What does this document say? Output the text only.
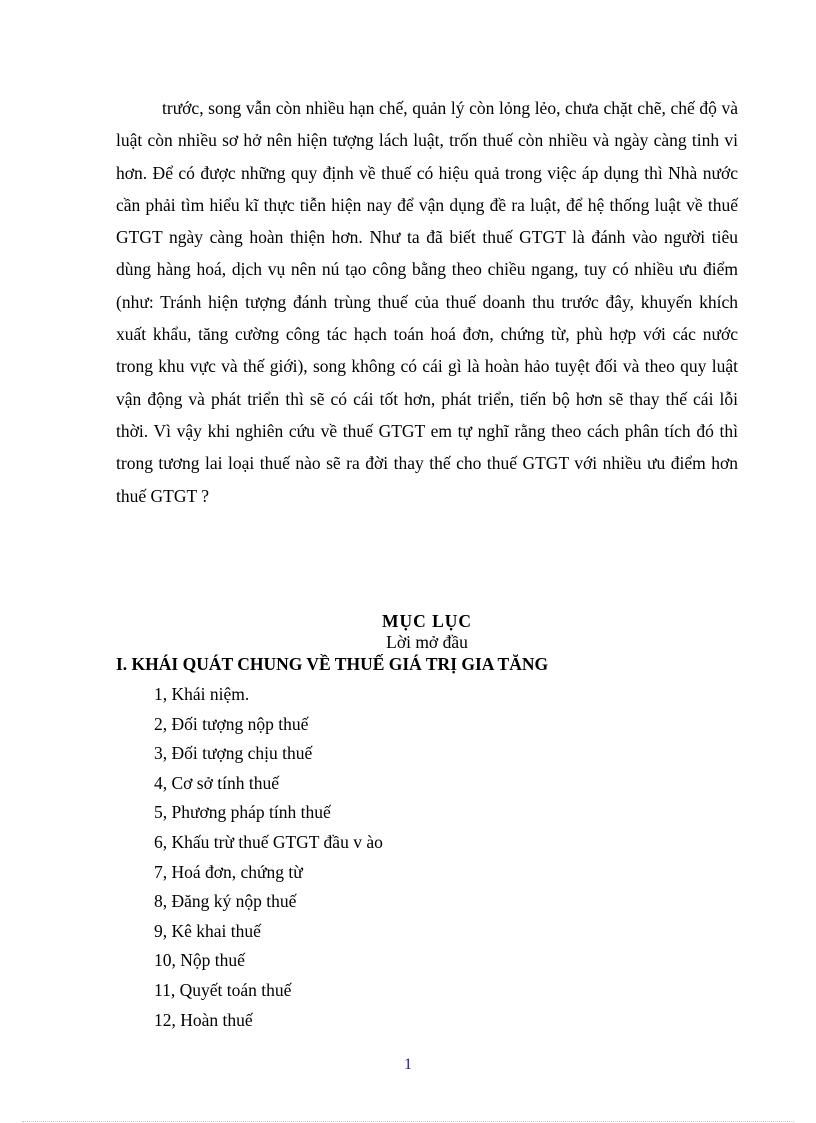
trước, song vẫn còn nhiều hạn chế, quản lý còn lỏng lẻo, chưa chặt chẽ, chế độ và luật còn nhiều sơ hở nên hiện tượng lách luật, trốn thuế còn nhiều và ngày càng tinh vi hơn. Để có được những quy định về thuế có hiệu quả trong việc áp dụng thì Nhà nước cần phải tìm hiểu kĩ thực tiễn hiện nay để vận dụng đề ra luật, để hệ thống luật về thuế GTGT ngày càng hoàn thiện hơn. Như ta đã biết thuế GTGT là đánh vào người tiêu dùng hàng hoá, dịch vụ nên nú tạo công bằng theo chiều ngang, tuy có nhiều ưu điểm (như: Tránh hiện tượng đánh trùng thuế của thuế doanh thu trước đây, khuyến khích xuất khẩu, tăng cường công tác hạch toán hoá đơn, chứng từ, phù hợp với các nước trong khu vực và thế giới), song không có cái gì là hoàn hảo tuyệt đối và theo quy luật vận động và phát triển thì sẽ có cái tốt hơn, phát triển, tiến bộ hơn sẽ thay thế cái lỗi thời. Vì vậy khi nghiên cứu về thuế GTGT em tự nghĩ rằng theo cách phân tích đó thì trong tương lai loại thuế nào sẽ ra đời thay thế cho thuế GTGT với nhiều ưu điểm hơn thuế GTGT ?

MỤC LỤC

Lời mở đầu

I. KHÁI QUÁT CHUNG VỀ THUẾ GIÁ TRỊ GIA TĂNG

1, Khái niệm.
2, Đối tượng nộp thuế
3, Đối tượng chịu thuế
4, Cơ sở tính thuế
5, Phương pháp tính thuế
6, Khấu trừ thuế GTGT đầu v ào
7, Hoá đơn, chứng từ
8, Đăng ký nộp thuế
9, Kê khai thuế
10, Nộp thuế
11, Quyết toán thuế
12, Hoàn thuế
1
